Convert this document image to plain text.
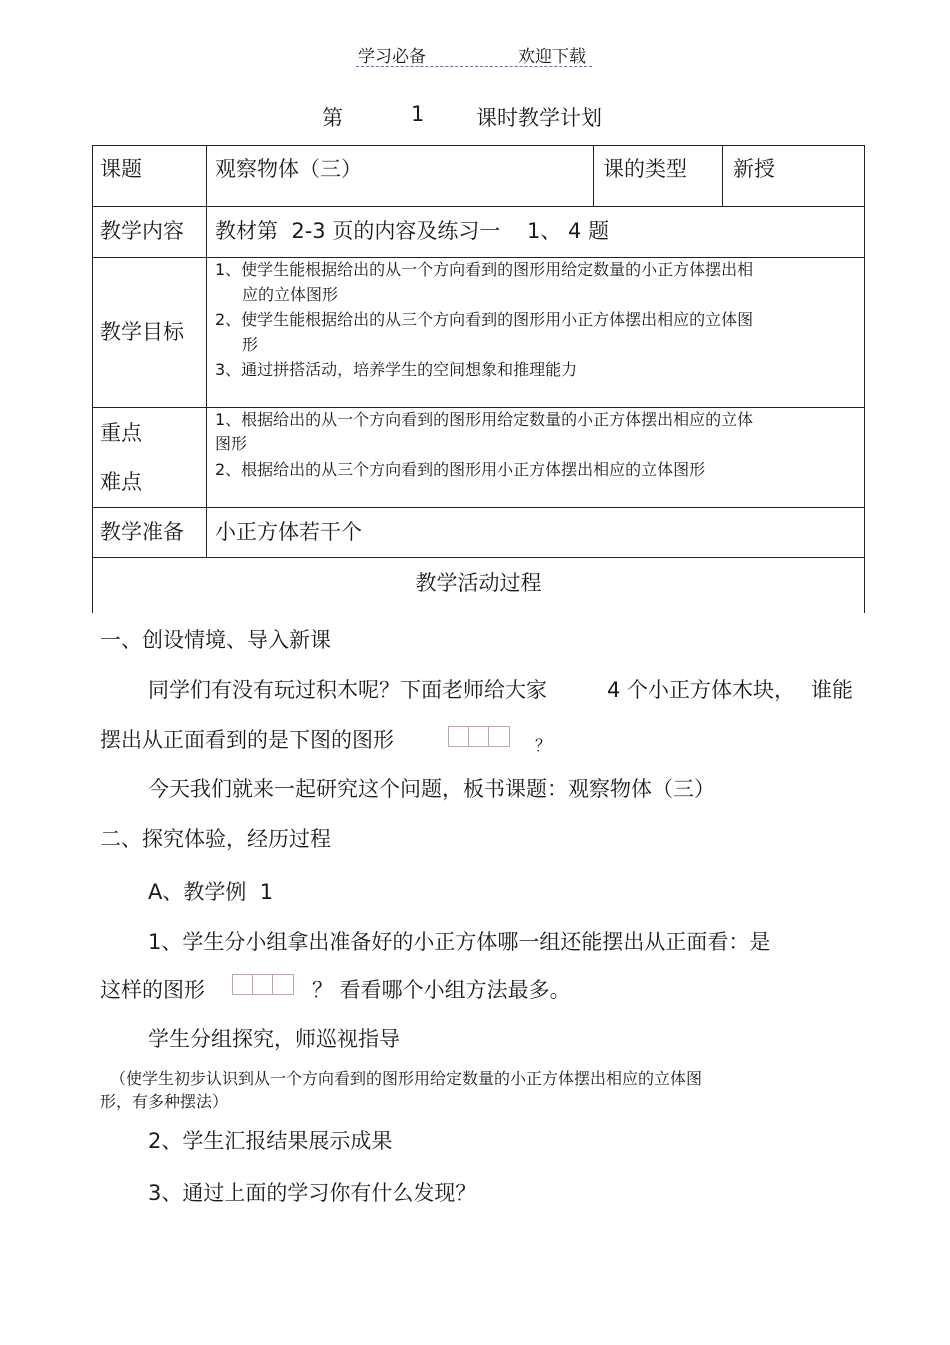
学习必备	欢迎下载
第	1 课时教学计划
课题	观察物体（三）	课的类型 新授
教学内容 教材第  2-3 页的内容及练习一    1、 4 题
教学目标
1、使学生能根据给出的从一个方向看到的图形用给定数量的小正方体摆出相
应的立体图形
2、使学生能根据给出的从三个方向看到的图形用小正方体摆出相应的立体图
形
3、通过拼搭活动，培养学生的空间想象和推理能力
重点
难点
1、根据给出的从一个方向看到的图形用给定数量的小正方体摆出相应的立体
图形
2、根据给出的从三个方向看到的图形用小正方体摆出相应的立体图形
教学准备 小正方体若干个
教学活动过程
一、创设情境、导入新课
同学们有没有玩过积木呢？下面老师给大家	4 个小正方体木块， 谁能
摆出从正面看到的是下图的图形	？
今天我们就来一起研究这个问题，板书课题：观察物体（三）
二、探究体验，经历过程
A、教学例  1
1、学生分小组拿出准备好的小正方体哪一组还能摆出从正面看：是
这样的图形	？ 看看哪个小组方法最多。
学生分组探究，师巡视指导
（使学生初步认识到从一个方向看到的图形用给定数量的小正方体摆出相应的立体图
形，有多种摆法）
2、学生汇报结果展示成果
3、通过上面的学习你有什么发现？
